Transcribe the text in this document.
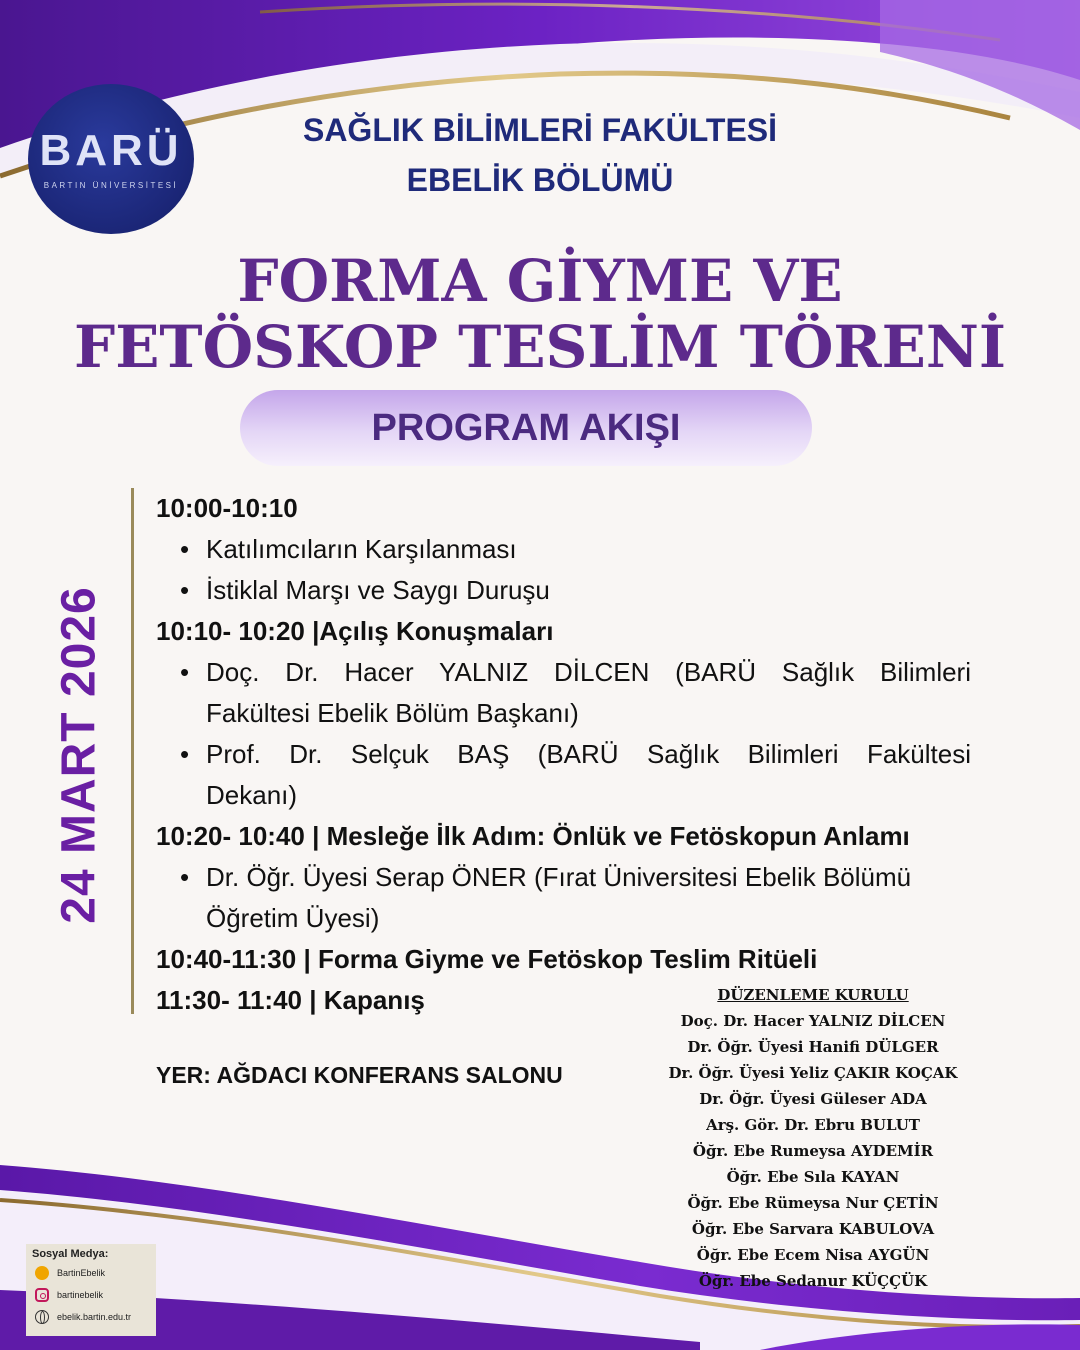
BARÜ
BARTIN ÜNİVERSİTESİ
SAĞLIK BİLİMLERİ FAKÜLTESİ
EBELİK BÖLÜMÜ
FORMA GİYME VE
FETÖSKOP TESLİM TÖRENİ
PROGRAM AKIŞI
24 MART 2026
10:00-10:10
• Katılımcıların Karşılanması
• İstiklal Marşı ve Saygı Duruşu
10:10- 10:20 |Açılış Konuşmaları
• Doç. Dr. Hacer YALNIZ DİLCEN (BARÜ Sağlık Bilimleri
Fakültesi Ebelik Bölüm Başkanı)
• Prof. Dr. Selçuk BAŞ (BARÜ Sağlık Bilimleri Fakültesi
Dekanı)
10:20- 10:40 | Mesleğe İlk Adım: Önlük ve Fetöskopun Anlamı
• Dr. Öğr. Üyesi Serap ÖNER (Fırat Üniversitesi Ebelik Bölümü
Öğretim Üyesi)
10:40-11:30 | Forma Giyme ve Fetöskop Teslim Ritüeli
11:30- 11:40 | Kapanış
YER: AĞDACI KONFERANS SALONU
DÜZENLEME KURULU
Doç. Dr. Hacer YALNIZ DİLCEN
Dr. Öğr. Üyesi Hanifi DÜLGER
Dr. Öğr. Üyesi Yeliz ÇAKIR KOÇAK
Dr. Öğr. Üyesi Güleser ADA
Arş. Gör. Dr. Ebru BULUT
Öğr. Ebe Rumeysa AYDEMİR
Öğr. Ebe Sıla KAYAN
Öğr. Ebe Rümeysa Nur ÇETİN
Öğr. Ebe Sarvara KABULOVA
Öğr. Ebe Ecem Nisa AYGÜN
Öğr. Ebe Sedanur KÜÇÇÜK
Sosyal Medya:
BartinEbelik
bartinebelik
ebelik.bartin.edu.tr
